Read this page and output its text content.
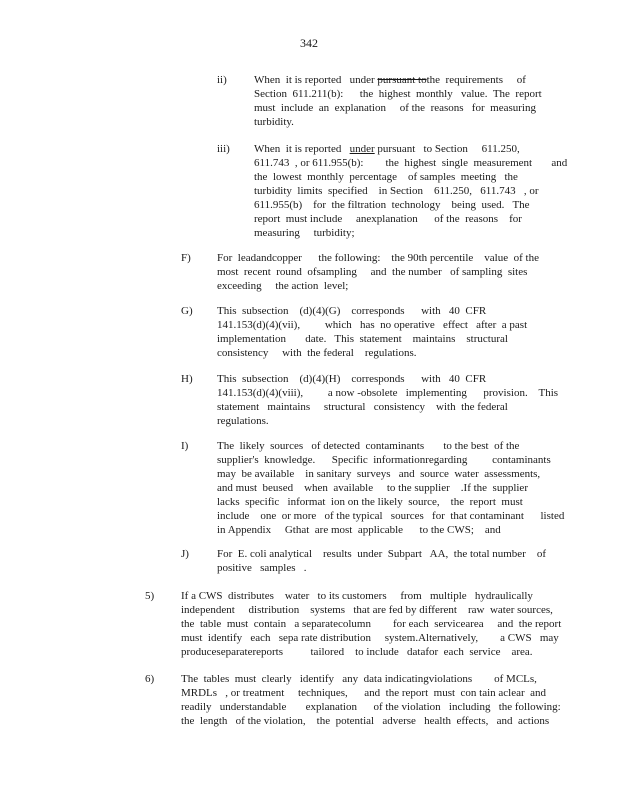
342
ii) When  it is reported   under pursuant tothe  requirements     of
Section  611.211(b):      the  highest  monthly   value.  The  report
must  include  an  explanation     of the  reasons   for  measuring
turbidity.
iii) When  it is reported   under pursuant   to Section     611.250,
611.743  , or 611.955(b):        the  highest  single  measurement       and
the  lowest  monthly  percentage    of samples  meeting   the
turbidity  limits  specified    in Section    611.250,   611.743   , or
611.955(b)    for  the filtration  technology    being  used.   The
report  must include     anexplanation      of the  reasons    for
measuring     turbidity;
F) For  leadandcopper      the following:    the 90th percentile    value  of the
most  recent  round  ofsampling     and  the number   of sampling  sites
exceeding     the action  level;
G) This  subsection    (d)(4)(G)    corresponds      with   40  CFR
141.153(d)(4)(vii),         which   has  no operative   effect   after  a past
implementation       date.   This  statement    maintains    structural
consistency     with  the federal    regulations.
H) This  subsection    (d)(4)(H)    corresponds      with   40  CFR
141.153(d)(4)(viii),         a now -obsolete   implementing      provision.    This
statement   maintains     structural   consistency    with  the federal
regulations.
I)	The  likely  sources   of detected  contaminants       to the best  of the
supplier's  knowledge.      Specific  informationregarding         contaminants
may  be available    in sanitary  surveys   and  source  water  assessments,
and must  beused    when  available     to the supplier    .If the  supplier
lacks  specific   informat  ion on the likely  source,    the  report  must
include    one  or more   of the typical   sources   for  that contaminant      listed
in Appendix     Gthat  are most  applicable      to the CWS;    and
J)	For  E. coli analytical    results  under  Subpart   AA,  the total number    of
positive   samples   .
5) If a CWS  distributes    water   to its customers     from   multiple   hydraulically
independent     distribution    systems   that are fed by different    raw  water sources,
the  table  must  contain   a separatecolumn        for each  servicearea     and  the report
must  identify   each   sepa rate distribution     system.Alternatively,        a CWS   may
produceseparatereports          tailored    to include   datafor  each  service    area.
6) The  tables  must  clearly   identify   any  data indicatingviolations        of MCLs,
MRDLs   , or treatment     techniques,      and  the report  must  con tain aclear  and
readily   understandable       explanation      of the violation   including   the following:
the  length   of the violation,    the  potential   adverse   health  effects,   and  actions
